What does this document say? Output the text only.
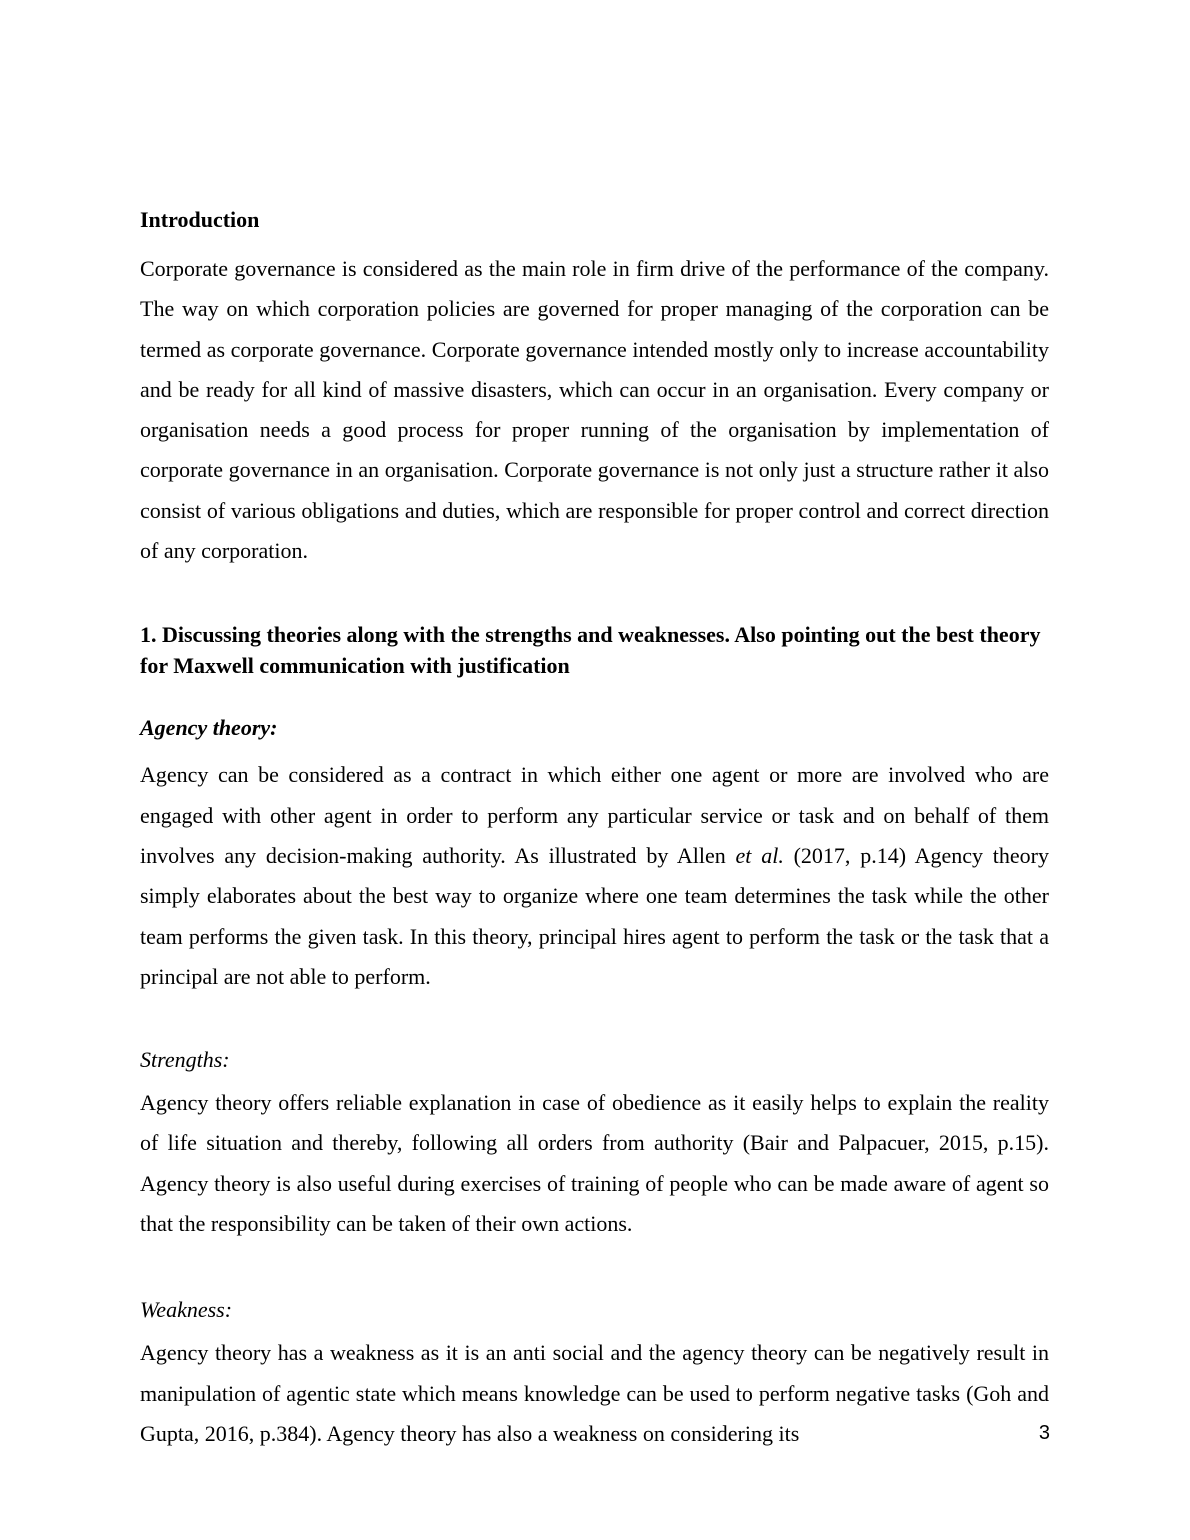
Introduction

Corporate governance is considered as the main role in firm drive of the performance of the company. The way on which corporation policies are governed for proper managing of the corporation can be termed as corporate governance. Corporate governance intended mostly only to increase accountability and be ready for all kind of massive disasters, which can occur in an organisation. Every company or organisation needs a good process for proper running of the organisation by implementation of corporate governance in an organisation. Corporate governance is not only just a structure rather it also consist of various obligations and duties, which are responsible for proper control and correct direction of any corporation.

1. Discussing theories along with the strengths and weaknesses. Also pointing out the best theory for Maxwell communication with justification
Agency theory:

Agency can be considered as a contract in which either one agent or more are involved who are engaged with other agent in order to perform any particular service or task and on behalf of them involves any decision-making authority. As illustrated by Allen et al. (2017, p.14) Agency theory simply elaborates about the best way to organize where one team determines the task while the other team performs the given task. In this theory, principal hires agent to perform the task or the task that a principal are not able to perform.

Strengths:

Agency theory offers reliable explanation in case of obedience as it easily helps to explain the reality of life situation and thereby, following all orders from authority (Bair and Palpacuer, 2015, p.15). Agency theory is also useful during exercises of training of people who can be made aware of agent so that the responsibility can be taken of their own actions.

Weakness:

Agency theory has a weakness as it is an anti social and the agency theory can be negatively result in manipulation of agentic state which means knowledge can be used to perform negative tasks (Goh and Gupta, 2016, p.384). Agency theory has also a weakness on considering its	3
